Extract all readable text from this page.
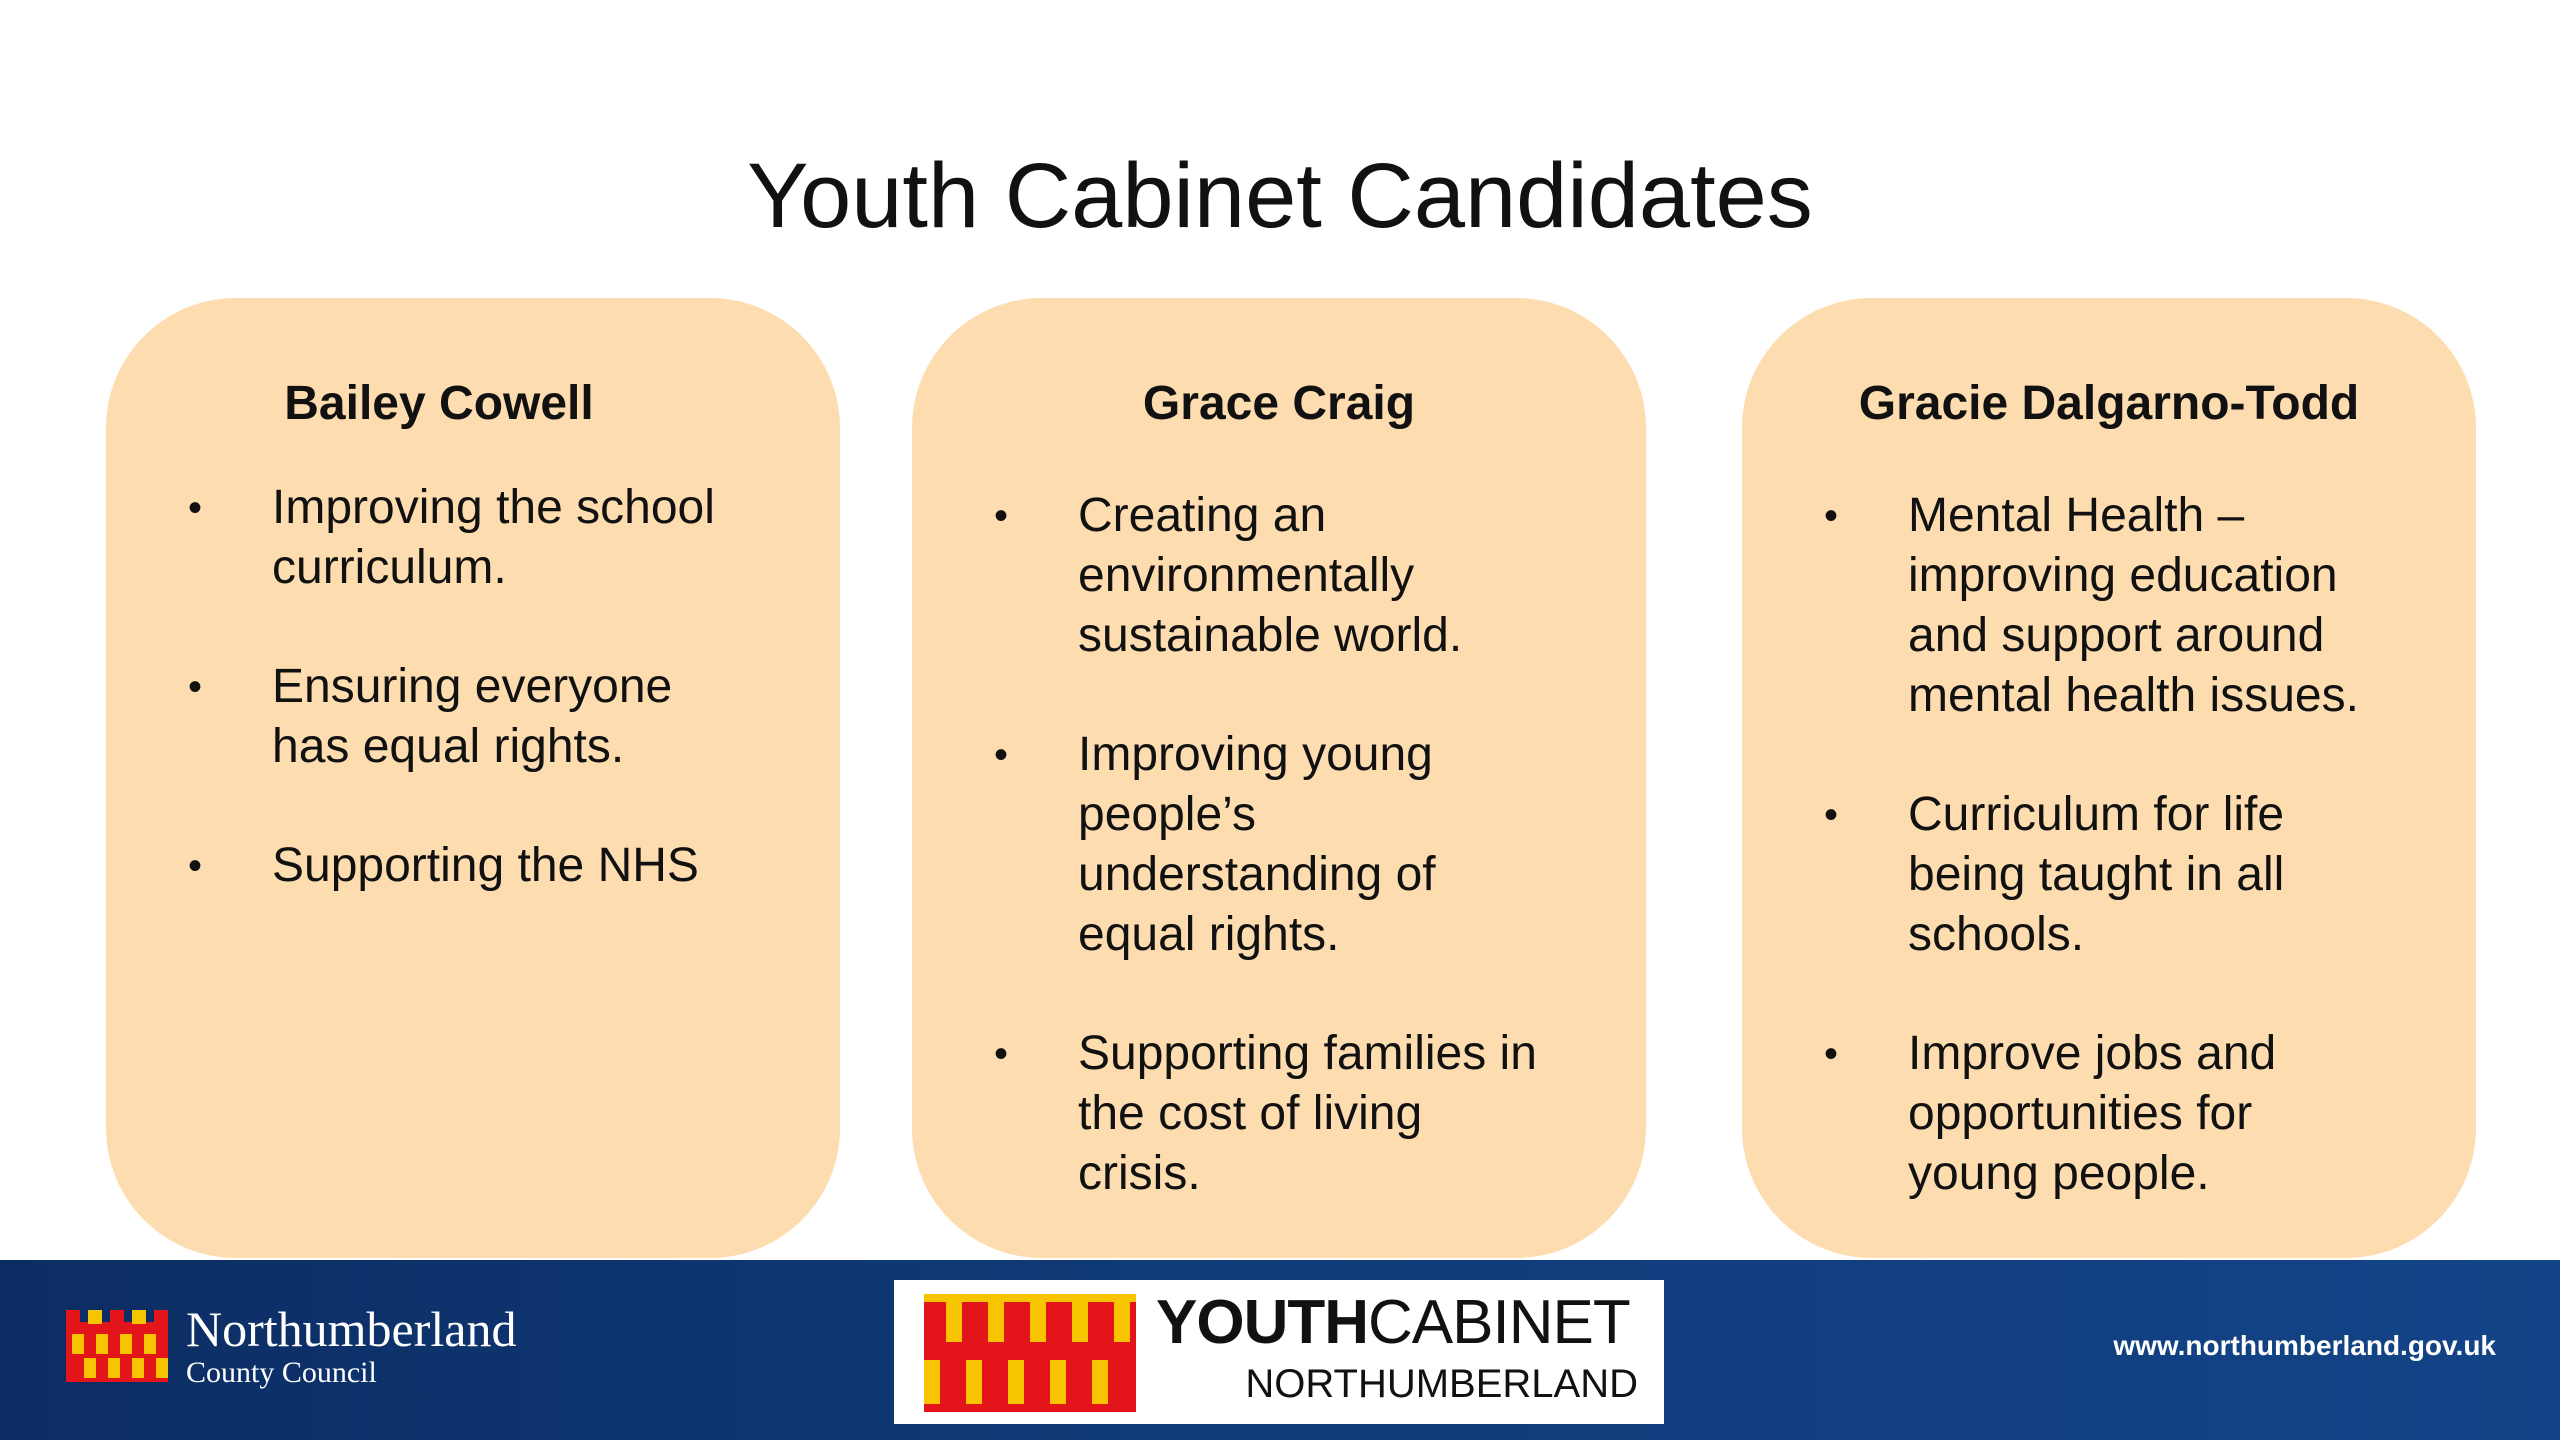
Youth Cabinet Candidates
Bailey Cowell
• Improving the school curriculum.
• Ensuring everyone has equal rights.
• Supporting the NHS
Grace Craig
• Creating an environmentally sustainable world.
• Improving young people’s understanding of equal rights.
• Supporting families in the cost of living crisis.
Gracie Dalgarno-Todd
• Mental Health – improving education and support around mental health issues.
• Curriculum for life being taught in all schools.
• Improve jobs and opportunities for young people.
Northumberland
County Council
YOUTHCABINET
NORTHUMBERLAND
www.northumberland.gov.uk
